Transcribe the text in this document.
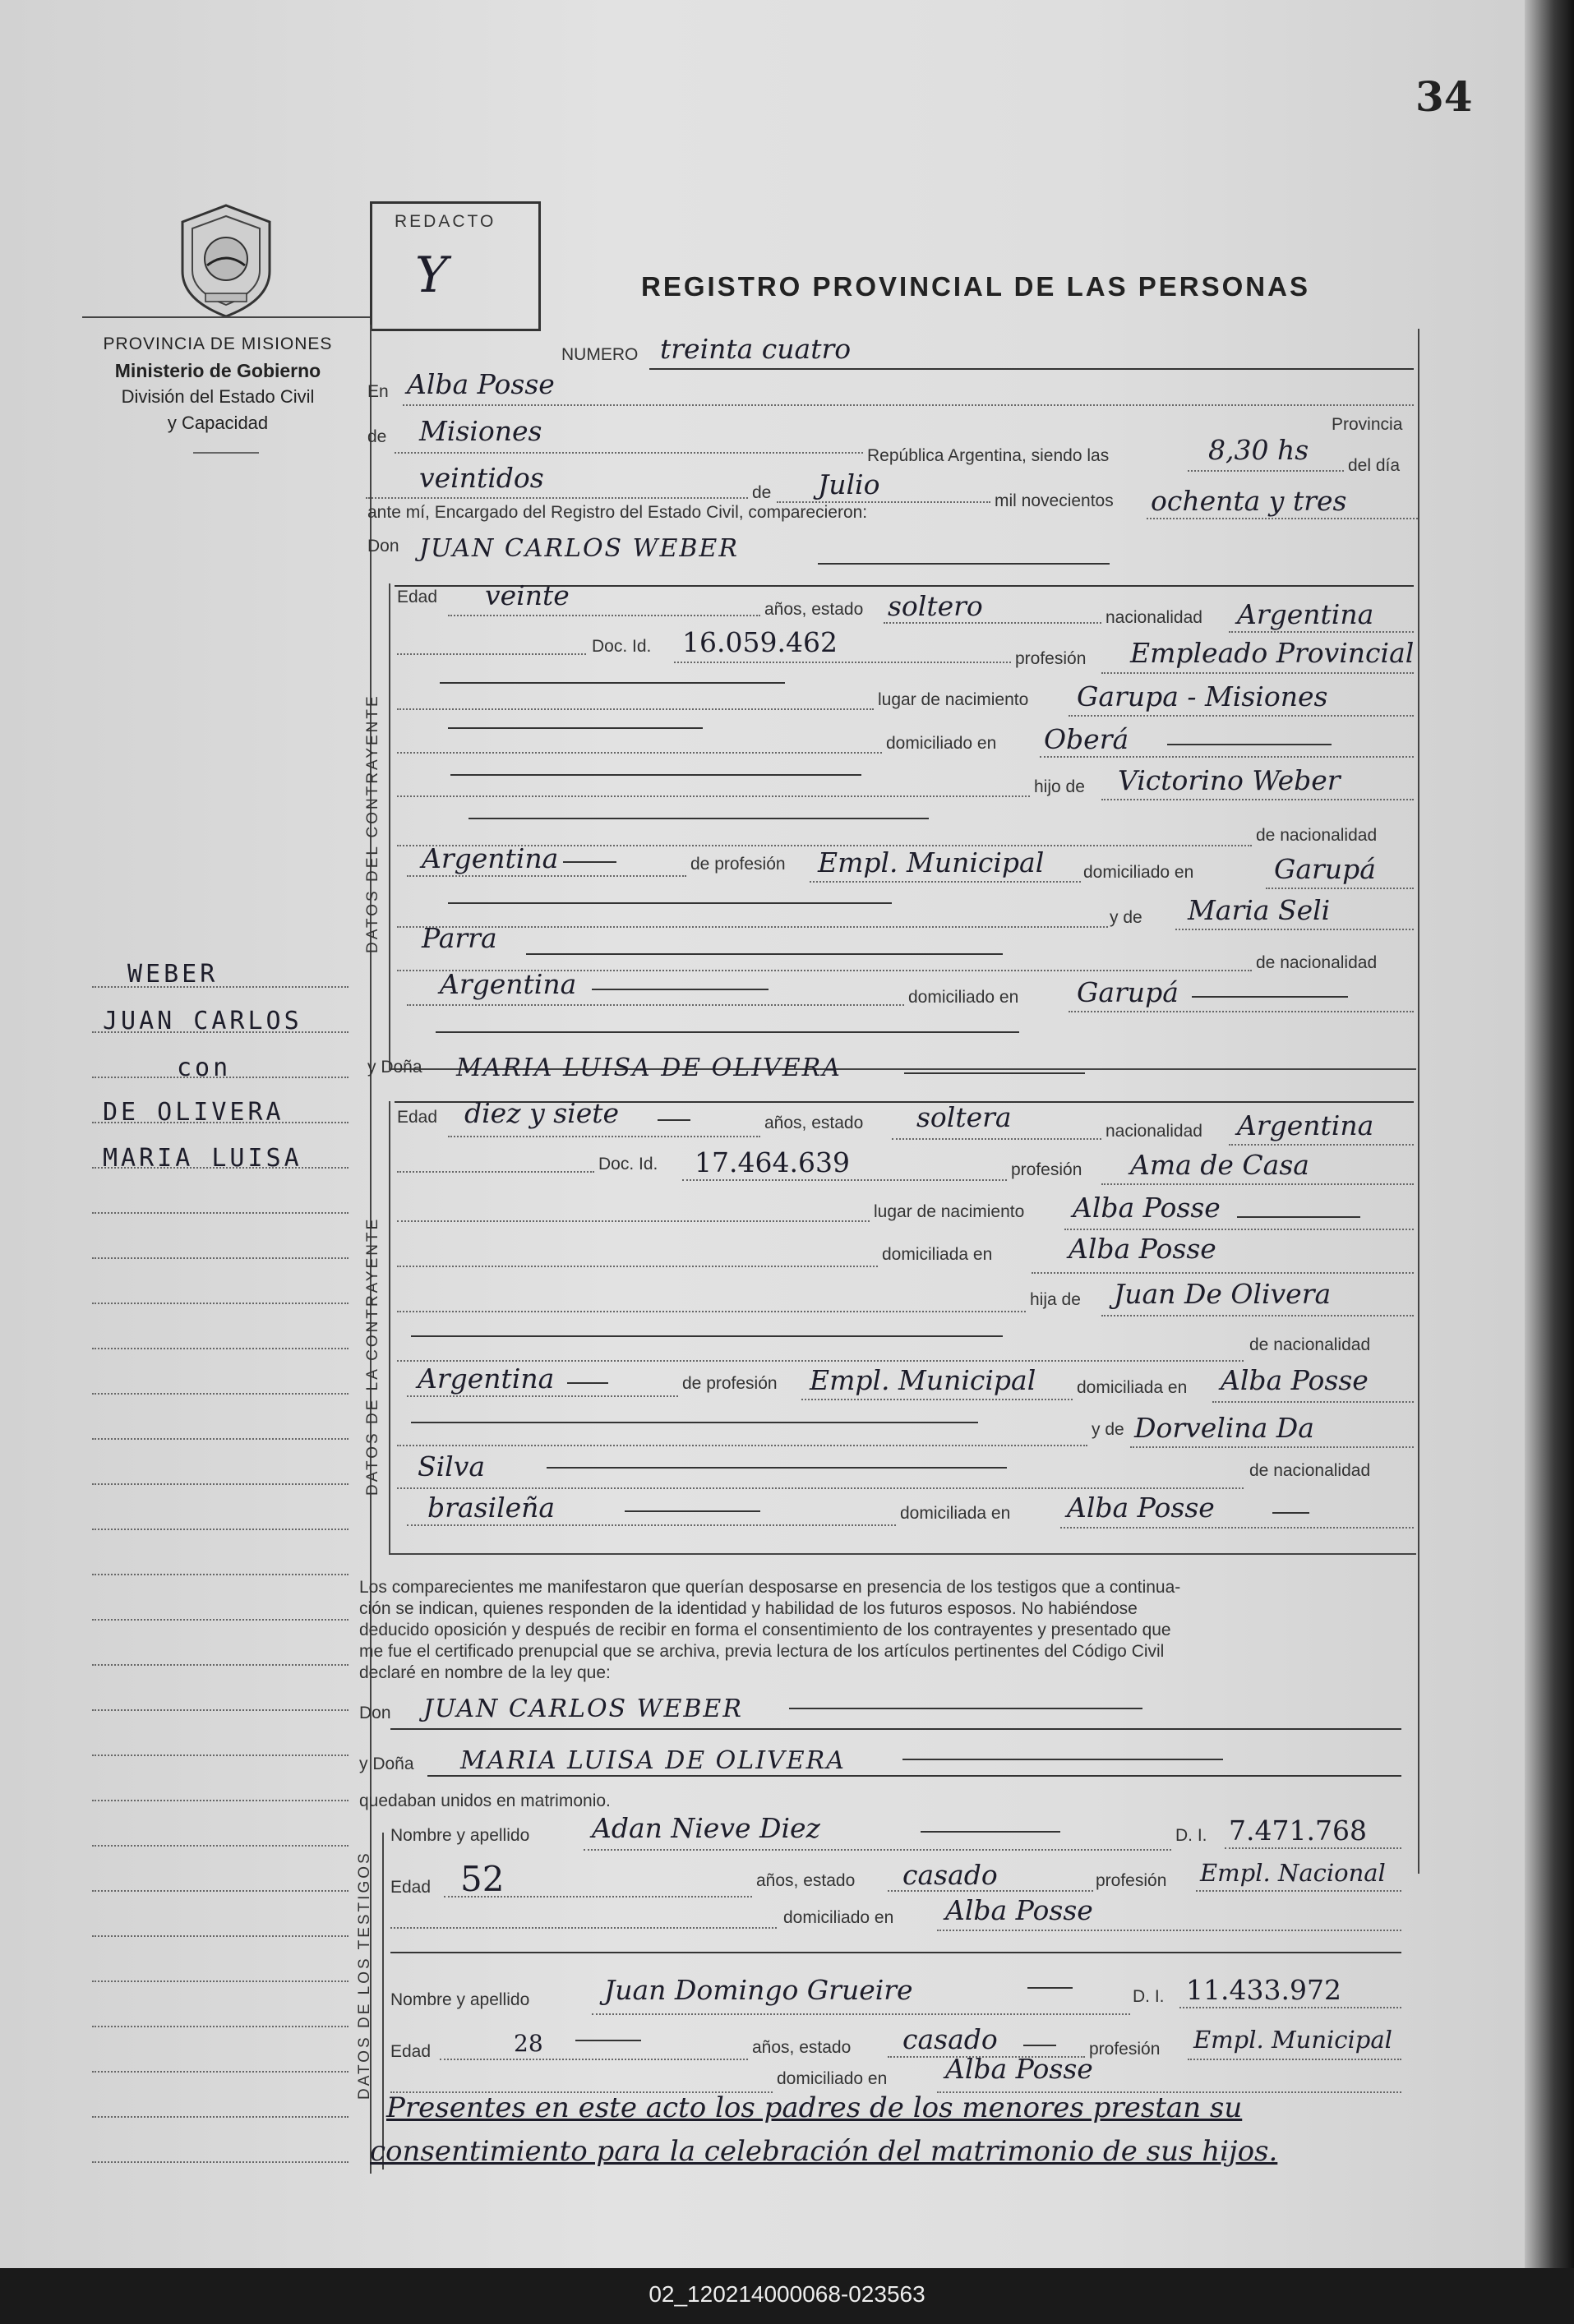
34
PROVINCIA DE MISIONES
Ministerio de Gobierno
División del Estado Civil
y Capacidad
REDACTO
Y	REGISTRO PROVINCIAL DE LAS PERSONAS
WEBER
JUAN CARLOS
con
DE OLIVERA
MARIA LUISA
NUMERO treinta cuatro
En Alba Posse
Provincia
de Misiones
República Argentina, siendo las	8,30 hs del día
veintidos	de Julio
mil novecientos ochenta y tres
ante mí, Encargado del Registro del Estado Civil, comparecieron:
Don JUAN CARLOS WEBER
DATOS DEL CONTRAYENTE
Edad veinte	años, estado soltero	nacionalidad Argentina
Doc. Id. 16.059.462
profesión Empleado Provincial
lugar de nacimiento Garupa - Misiones
domiciliado en Oberá
hijo de Victorino Weber
de nacionalidad
Argentina	de profesión Empl. Municipal domiciliado en	Garupá
y de Maria Seli
Parra
de nacionalidad
Argentina	domiciliado en Garupá
y Doña MARIA LUISA DE OLIVERA
DATOS DE LA CONTRAYENTE
Edad diez y siete	años, estado soltera	nacionalidad Argentina
Doc. Id. 17.464.639	profesión Ama de Casa
lugar de nacimiento Alba Posse
domiciliada en	Alba Posse
hija de Juan De Olivera
de nacionalidad
Argentina	de profesión Empl. Municipal domiciliada en Alba Posse
y de Dorvelina Da
Silva	de nacionalidad
brasileña	domiciliada en Alba Posse
Los comparecientes me manifestaron que querían desposarse en presencia de los testigos que a continua-
ción se indican, quienes responden de la identidad y habilidad de los futuros esposos. No habiéndose
deducido oposición y después de recibir en forma el consentimiento de los contrayentes y presentado que
me fue el certificado prenupcial que se archiva, previa lectura de los artículos pertinentes del Código Civil
declaré en nombre de la ley que:
Don JUAN CARLOS WEBER
y Doña MARIA LUISA DE OLIVERA
quedaban unidos en matrimonio.
DATOS DE LOS TESTIGOS
Nombre y apellido Adan Nieve Diez	D. I. 7.471.768
Edad 52	años, estado casado	profesión Empl. Nacional
domiciliado en Alba Posse
Nombre y apellido	Juan Domingo Grueire	D. I. 11.433.972
Edad	28	años, estado casado	profesión Empl. Municipal
domiciliado en Alba Posse
Presentes en este acto los padres de los menores prestan su
consentimiento para la celebración del matrimonio de sus hijos.
02_120214000068-023563
